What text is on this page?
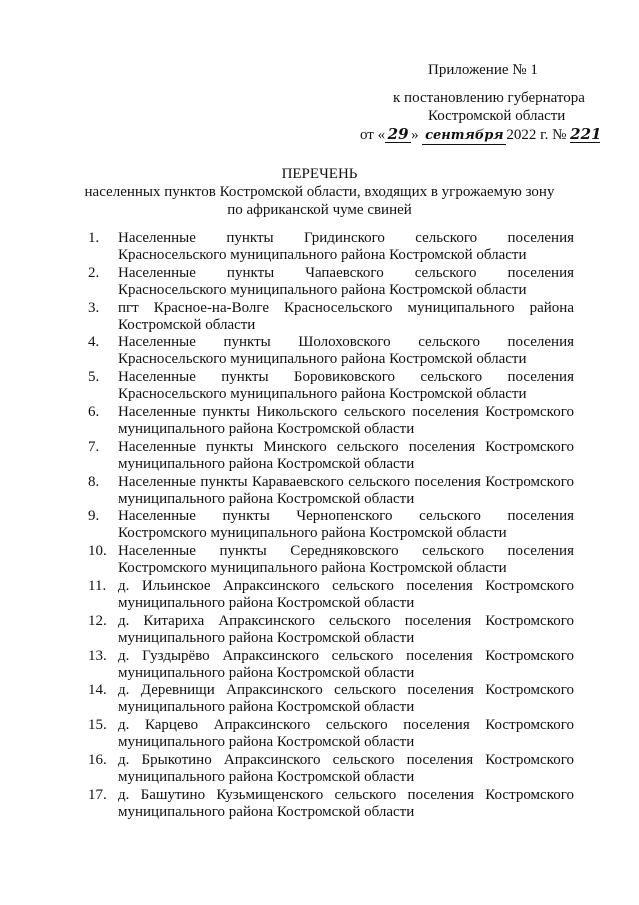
Приложение № 1
к постановлению губернатора
Костромской области
от « 29 » сентября 2022 г. № 221
ПЕРЕЧЕНЬ
населенных пунктов Костромской области, входящих в угрожаемую зону
по африканской чуме свиней
1.	Населенные пункты Гридинского сельского поселения Красносельского муниципального района Костромской области
2.	Населенные пункты Чапаевского сельского поселения Красносельского муниципального района Костромской области
3.	пгт Красное-на-Волге Красносельского муниципального района Костромской области
4.	Населенные пункты Шолоховского сельского поселения Красносельского муниципального района Костромской области
5.	Населенные пункты Боровиковского сельского поселения Красносельского муниципального района Костромской области
6.	Населенные пункты Никольского сельского поселения Костромского муниципального района Костромской области
7.	Населенные пункты Минского сельского поселения Костромского муниципального района Костромской области
8.	Населенные пункты Караваевского сельского поселения Костромского муниципального района Костромской области
9.	Населенные пункты Чернопенского сельского поселения Костромского муниципального района Костромской области
10. Населенные пункты Середняковского сельского поселения Костромского муниципального района Костромской области
11. д. Ильинское Апраксинского сельского поселения Костромского муниципального района Костромской области
12. д. Китариха Апраксинского сельского поселения Костромского муниципального района Костромской области
13. д. Гуздырёво Апраксинского сельского поселения Костромского муниципального района Костромской области
14. д. Деревнищи Апраксинского сельского поселения Костромского муниципального района Костромской области
15. д. Карцево Апраксинского сельского поселения Костромского муниципального района Костромской области
16. д. Брыкотино Апраксинского сельского поселения Костромского муниципального района Костромской области
17. д. Башутино Кузьмищенского сельского поселения Костромского муниципального района Костромской области
